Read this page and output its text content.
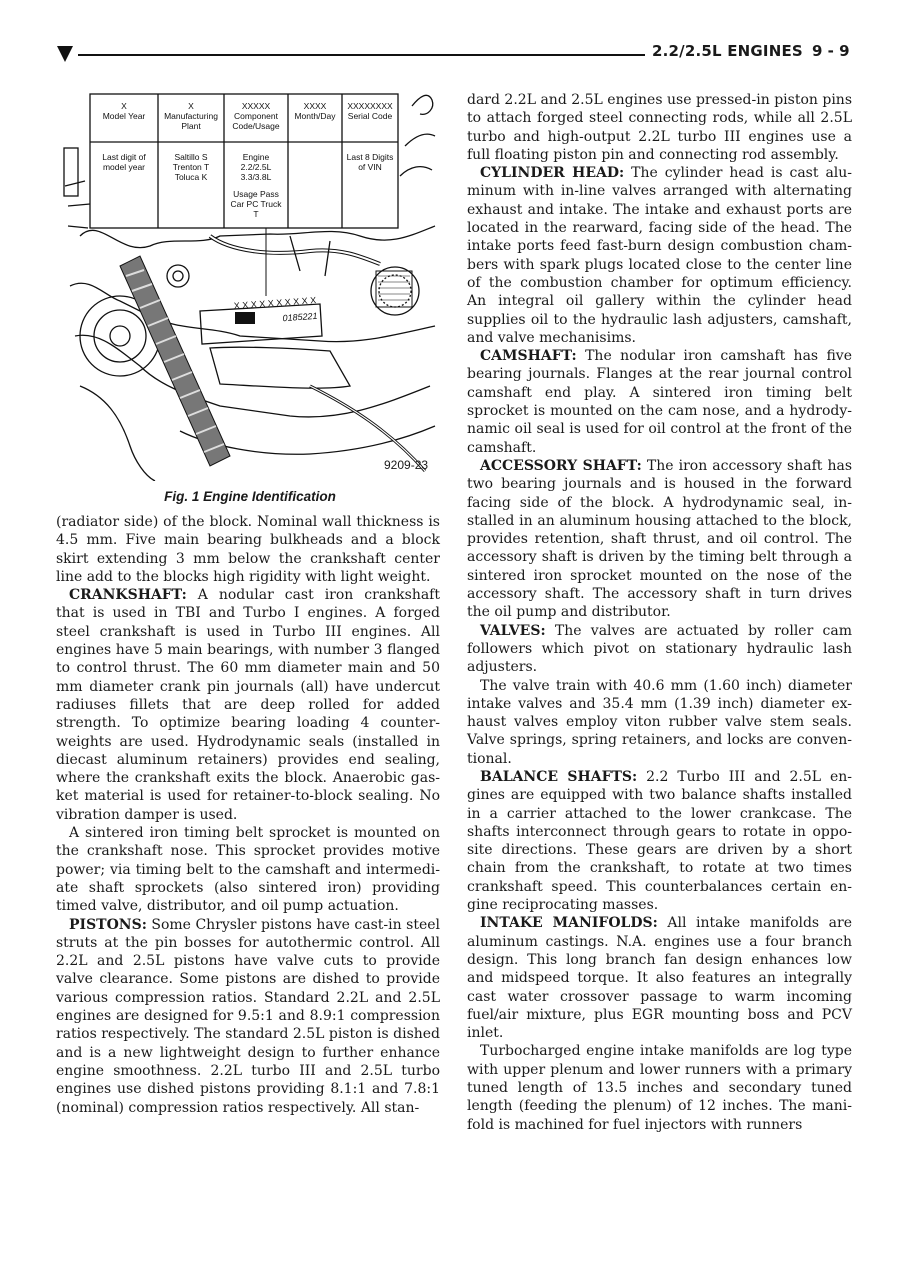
2.2/2.5L ENGINES 9 - 9
X
Model Year
X
Manufacturing Plant
XXXXX
Component Code/Usage
XXXX
Month/Day
XXXXXXXX
Serial Code
Last digit of model year
Saltillo S Trenton T Toluca K
Engine 2.2/2.5L 3.3/3.8L
Usage Pass Car PC Truck T
Last 8 Digits of VIN
X X X X X X X X X X
0185221
9209-23
Fig. 1 Engine Identification

(radiator side) of the block. Nominal wall thickness is 4.5 mm. Five main bearing bulkheads and a block skirt extending 3 mm below the crankshaft center line add to the blocks high rigidity with light weight.

CRANKSHAFT: A nodular cast iron crankshaft that is used in TBI and Turbo I engines. A forged steel crankshaft is used in Turbo III engines. All engines have 5 main bearings, with number 3 flanged to control thrust. The 60 mm diameter main and 50 mm diameter crank pin journals (all) have undercut radiuses fillets that are deep rolled for added strength. To optimize bearing loading 4 counter-weights are used. Hydrodynamic seals (installed in diecast aluminum retainers) provides end sealing, where the crankshaft exits the block. Anaerobic gas-ket material is used for retainer-to-block sealing. No vibration damper is used.

A sintered iron timing belt sprocket is mounted on the crankshaft nose. This sprocket provides motive power; via timing belt to the camshaft and intermedi-ate shaft sprockets (also sintered iron) providing timed valve, distributor, and oil pump actuation.

PISTONS: Some Chrysler pistons have cast-in steel struts at the pin bosses for autothermic control. All 2.2L and 2.5L pistons have valve cuts to provide valve clearance. Some pistons are dished to provide various compression ratios. Standard 2.2L and 2.5L engines are designed for 9.5:1 and 8.9:1 compression ratios respectively. The standard 2.5L piston is dished and is a new lightweight design to further enhance engine smoothness. 2.2L turbo III and 2.5L turbo engines use dished pistons providing 8.1:1 and 7.8:1 (nominal) compression ratios respectively. All stan-

dard 2.2L and 2.5L engines use pressed-in piston pins to attach forged steel connecting rods, while all 2.5L turbo and high-output 2.2L turbo III engines use a full floating piston pin and connecting rod assembly.

CYLINDER HEAD: The cylinder head is cast alu-minum with in-line valves arranged with alternating exhaust and intake. The intake and exhaust ports are located in the rearward, facing side of the head. The intake ports feed fast-burn design combustion cham-bers with spark plugs located close to the center line of the combustion chamber for optimum efficiency. An integral oil gallery within the cylinder head supplies oil to the hydraulic lash adjusters, camshaft, and valve mechanisims.

CAMSHAFT: The nodular iron camshaft has five bearing journals. Flanges at the rear journal control camshaft end play. A sintered iron timing belt sprocket is mounted on the cam nose, and a hydrody-namic oil seal is used for oil control at the front of the camshaft.

ACCESSORY SHAFT: The iron accessory shaft has two bearing journals and is housed in the forward facing side of the block. A hydrodynamic seal, in-stalled in an aluminum housing attached to the block, provides retention, shaft thrust, and oil control. The accessory shaft is driven by the timing belt through a sintered iron sprocket mounted on the nose of the accessory shaft. The accessory shaft in turn drives the oil pump and distributor.

VALVES: The valves are actuated by roller cam followers which pivot on stationary hydraulic lash adjusters.

The valve train with 40.6 mm (1.60 inch) diameter intake valves and 35.4 mm (1.39 inch) diameter ex-haust valves employ viton rubber valve stem seals. Valve springs, spring retainers, and locks are conven-tional.

BALANCE SHAFTS: 2.2 Turbo III and 2.5L en-gines are equipped with two balance shafts installed in a carrier attached to the lower crankcase. The shafts interconnect through gears to rotate in oppo-site directions. These gears are driven by a short chain from the crankshaft, to rotate at two times crankshaft speed. This counterbalances certain en-gine reciprocating masses.

INTAKE MANIFOLDS: All intake manifolds are aluminum castings. N.A. engines use a four branch design. This long branch fan design enhances low and midspeed torque. It also features an integrally cast water crossover passage to warm incoming fuel/air mixture, plus EGR mounting boss and PCV inlet.

Turbocharged engine intake manifolds are log type with upper plenum and lower runners with a primary tuned length of 13.5 inches and secondary tuned length (feeding the plenum) of 12 inches. The mani-fold is machined for fuel injectors with runners
